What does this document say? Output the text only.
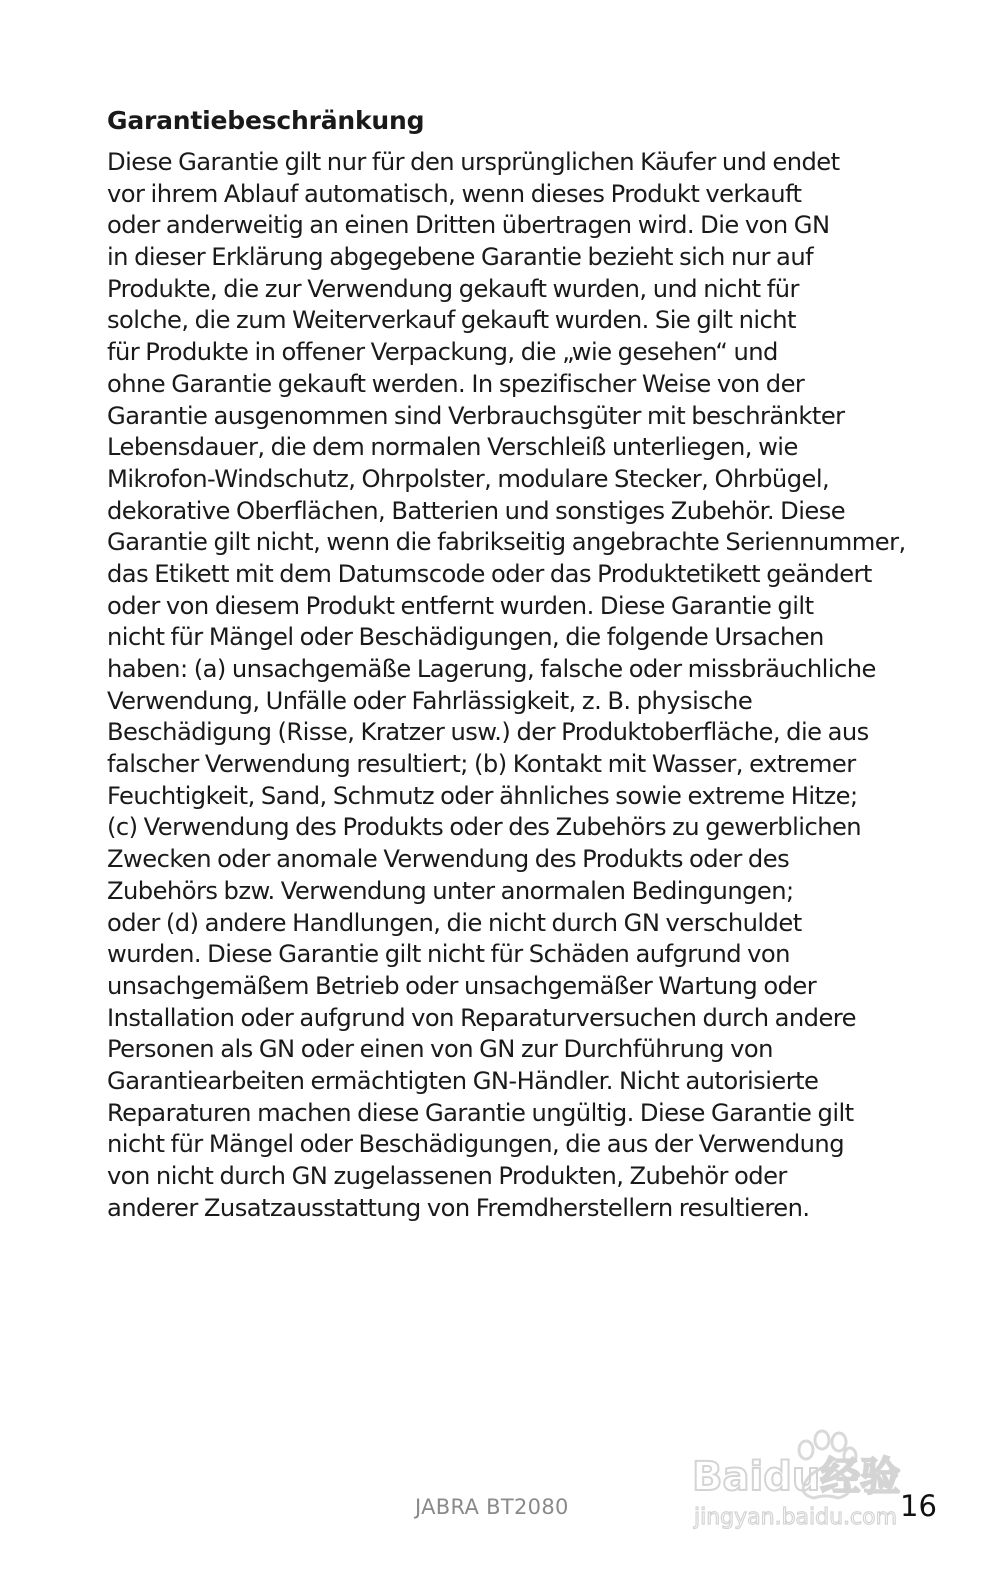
Garantiebeschränkung
Diese Garantie gilt nur für den ursprünglichen Käufer und endet
vor ihrem Ablauf automatisch, wenn dieses Produkt verkauft
oder anderweitig an einen Dritten übertragen wird. Die von GN
in dieser Erklärung abgegebene Garantie bezieht sich nur auf
Produkte, die zur Verwendung gekauft wurden, und nicht für
solche, die zum Weiterverkauf gekauft wurden. Sie gilt nicht
für Produkte in offener Verpackung, die „wie gesehen“ und
ohne Garantie gekauft werden. In spezifischer Weise von der
Garantie ausgenommen sind Verbrauchsgüter mit beschränkter
Lebensdauer, die dem normalen Verschleiß unterliegen, wie
Mikrofon-Windschutz, Ohrpolster, modulare Stecker, Ohrbügel,
dekorative Oberflächen, Batterien und sonstiges Zubehör. Diese
Garantie gilt nicht, wenn die fabrikseitig angebrachte Seriennummer,
das Etikett mit dem Datumscode oder das Produktetikett geändert
oder von diesem Produkt entfernt wurden. Diese Garantie gilt
nicht für Mängel oder Beschädigungen, die folgende Ursachen
haben: (a) unsachgemäße Lagerung, falsche oder missbräuchliche
Verwendung, Unfälle oder Fahrlässigkeit, z. B. physische
Beschädigung (Risse, Kratzer usw.) der Produktoberfläche, die aus
falscher Verwendung resultiert; (b) Kontakt mit Wasser, extremer
Feuchtigkeit, Sand, Schmutz oder ähnliches sowie extreme Hitze;
(c) Verwendung des Produkts oder des Zubehörs zu gewerblichen
Zwecken oder anomale Verwendung des Produkts oder des
Zubehörs bzw. Verwendung unter anormalen Bedingungen;
oder (d) andere Handlungen, die nicht durch GN verschuldet
wurden. Diese Garantie gilt nicht für Schäden aufgrund von
unsachgemäßem Betrieb oder unsachgemäßer Wartung oder
Installation oder aufgrund von Reparaturversuchen durch andere
Personen als GN oder einen von GN zur Durchführung von
Garantiearbeiten ermächtigten GN-Händler. Nicht autorisierte
Reparaturen machen diese Garantie ungültig. Diese Garantie gilt
nicht für Mängel oder Beschädigungen, die aus der Verwendung
von nicht durch GN zugelassenen Produkten, Zubehör oder
anderer Zusatzausstattung von Fremdherstellern resultieren.
JABRA BT2080	16
Baidu经验
jingyan.baidu.com
